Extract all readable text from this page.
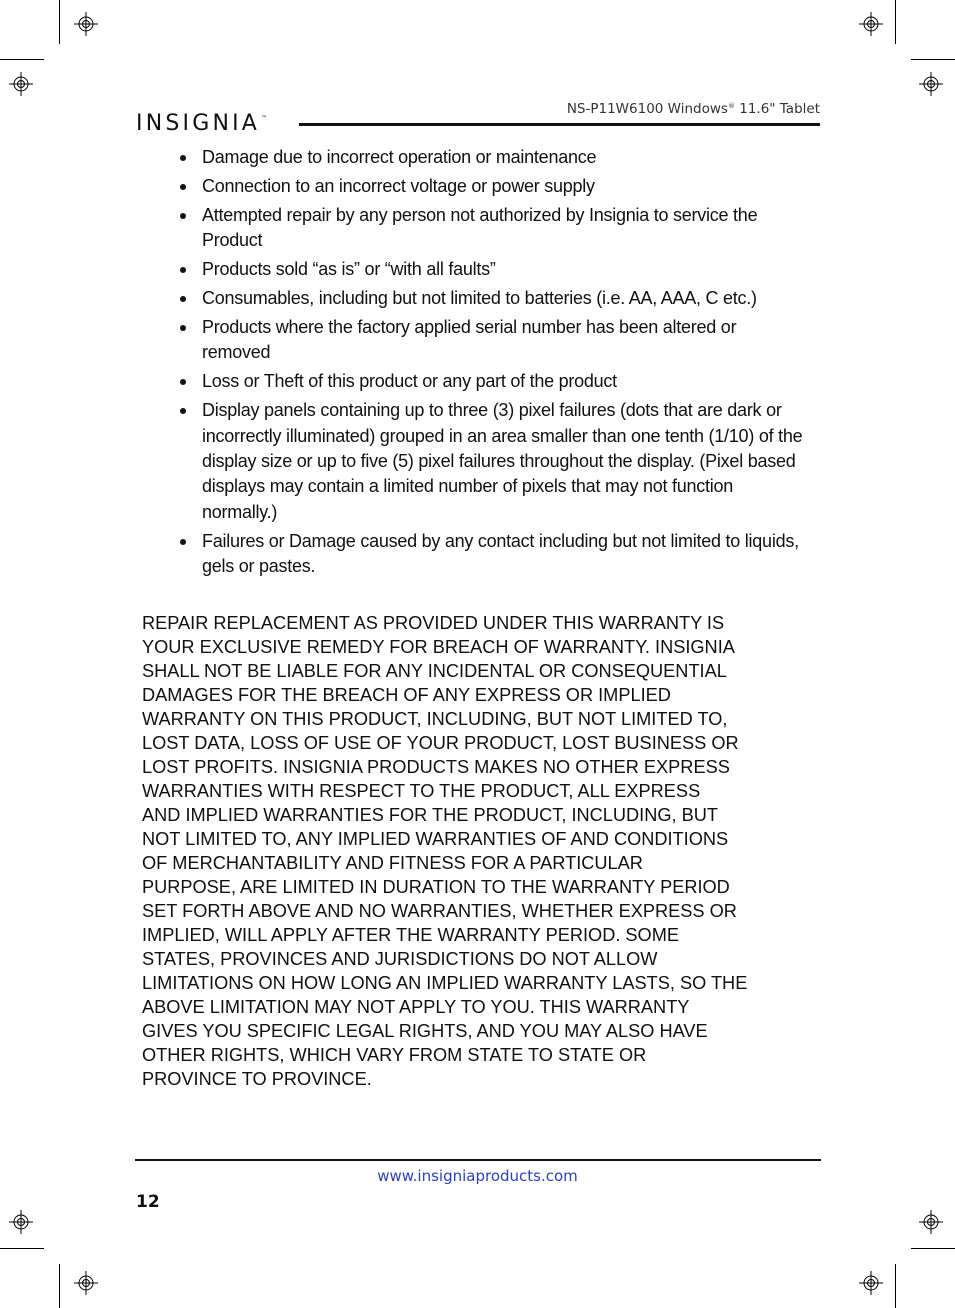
INSIGNIA™
NS-P11W6100 Windows® 11.6" Tablet
Damage due to incorrect operation or maintenance
Connection to an incorrect voltage or power supply
Attempted repair by any person not authorized by Insignia to service the Product
Products sold “as is” or “with all faults”
Consumables, including but not limited to batteries (i.e. AA, AAA, C etc.)
Products where the factory applied serial number has been altered or removed
Loss or Theft of this product or any part of the product
Display panels containing up to three (3) pixel failures (dots that are dark or incorrectly illuminated) grouped in an area smaller than one tenth (1/10) of the display size or up to five (5) pixel failures throughout the display. (Pixel based displays may contain a limited number of pixels that may not function normally.)
Failures or Damage caused by any contact including but not limited to liquids, gels or pastes.
REPAIR REPLACEMENT AS PROVIDED UNDER THIS WARRANTY IS
YOUR EXCLUSIVE REMEDY FOR BREACH OF WARRANTY. INSIGNIA
SHALL NOT BE LIABLE FOR ANY INCIDENTAL OR CONSEQUENTIAL
DAMAGES FOR THE BREACH OF ANY EXPRESS OR IMPLIED
WARRANTY ON THIS PRODUCT, INCLUDING, BUT NOT LIMITED TO,
LOST DATA, LOSS OF USE OF YOUR PRODUCT, LOST BUSINESS OR
LOST PROFITS. INSIGNIA PRODUCTS MAKES NO OTHER EXPRESS
WARRANTIES WITH RESPECT TO THE PRODUCT, ALL EXPRESS
AND IMPLIED WARRANTIES FOR THE PRODUCT, INCLUDING, BUT
NOT LIMITED TO, ANY IMPLIED WARRANTIES OF AND CONDITIONS
OF MERCHANTABILITY AND FITNESS FOR A PARTICULAR
PURPOSE, ARE LIMITED IN DURATION TO THE WARRANTY PERIOD
SET FORTH ABOVE AND NO WARRANTIES, WHETHER EXPRESS OR
IMPLIED, WILL APPLY AFTER THE WARRANTY PERIOD. SOME
STATES, PROVINCES AND JURISDICTIONS DO NOT ALLOW
LIMITATIONS ON HOW LONG AN IMPLIED WARRANTY LASTS, SO THE
ABOVE LIMITATION MAY NOT APPLY TO YOU. THIS WARRANTY
GIVES YOU SPECIFIC LEGAL RIGHTS, AND YOU MAY ALSO HAVE
OTHER RIGHTS, WHICH VARY FROM STATE TO STATE OR
PROVINCE TO PROVINCE.
www.insigniaproducts.com
12
